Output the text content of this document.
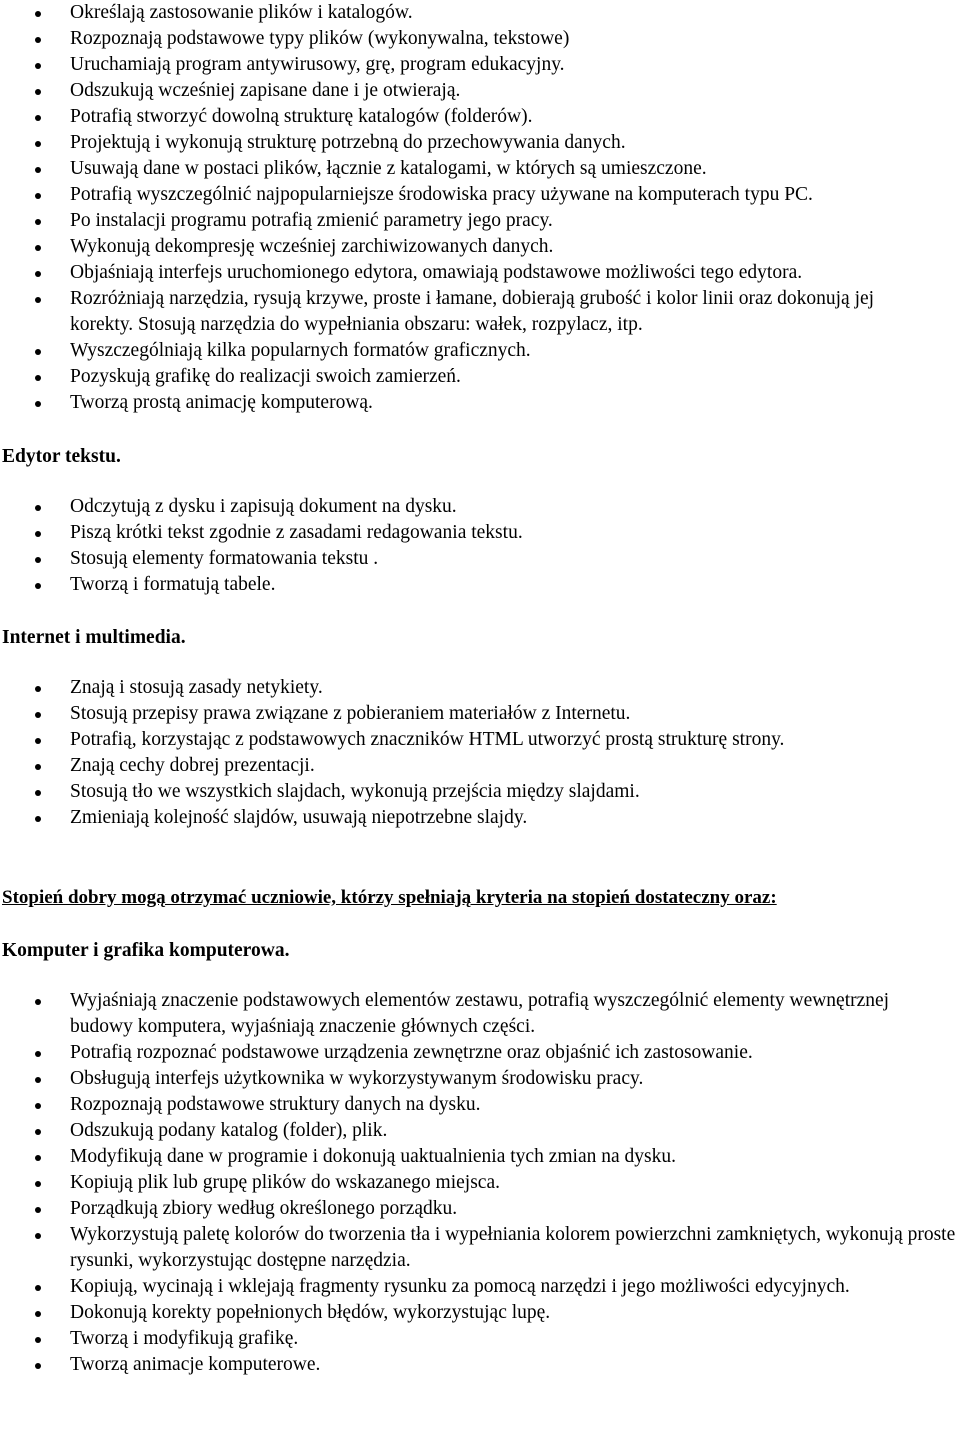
Określają zastosowanie plików i katalogów.
Rozpoznają podstawowe typy plików (wykonywalna, tekstowe)
Uruchamiają program antywirusowy, grę, program edukacyjny.
Odszukują wcześniej zapisane dane i je otwierają.
Potrafią stworzyć dowolną strukturę katalogów (folderów).
Projektują i wykonują strukturę potrzebną do przechowywania danych.
Usuwają dane w postaci plików, łącznie z katalogami, w których są umieszczone.
Potrafią wyszczególnić najpopularniejsze środowiska pracy używane na komputerach typu PC.
Po instalacji programu potrafią zmienić parametry jego pracy.
Wykonują dekompresję wcześniej zarchiwizowanych danych.
Objaśniają interfejs uruchomionego edytora, omawiają podstawowe możliwości tego edytora.
Rozróżniają narzędzia, rysują krzywe, proste i łamane, dobierają grubość i kolor linii oraz dokonują jej korekty. Stosują narzędzia do wypełniania obszaru: wałek, rozpylacz, itp.
Wyszczególniają kilka popularnych formatów graficznych.
Pozyskują grafikę do realizacji swoich zamierzeń.
Tworzą prostą animację komputerową.
Edytor tekstu.
Odczytują z dysku i zapisują dokument na dysku.
Piszą krótki tekst zgodnie z zasadami redagowania tekstu.
Stosują elementy formatowania tekstu .
Tworzą i formatują tabele.
Internet i multimedia.
Znają i stosują zasady netykiety.
Stosują przepisy prawa związane z pobieraniem materiałów z Internetu.
Potrafią, korzystając z podstawowych znaczników HTML utworzyć prostą strukturę strony.
Znają cechy dobrej prezentacji.
Stosują tło we wszystkich slajdach, wykonują przejścia między slajdami.
Zmieniają kolejność slajdów, usuwają niepotrzebne slajdy.
Stopień dobry mogą otrzymać uczniowie, którzy spełniają kryteria na stopień dostateczny oraz:
Komputer i grafika komputerowa.
Wyjaśniają znaczenie podstawowych elementów zestawu, potrafią wyszczególnić elementy wewnętrznej budowy komputera, wyjaśniają znaczenie głównych części.
Potrafią rozpoznać podstawowe urządzenia zewnętrzne oraz objaśnić ich zastosowanie.
Obsługują interfejs użytkownika w wykorzystywanym środowisku pracy.
Rozpoznają podstawowe struktury danych na dysku.
Odszukują podany katalog (folder), plik.
Modyfikują dane w programie i dokonują uaktualnienia tych zmian na dysku.
Kopiują plik lub grupę plików do wskazanego miejsca.
Porządkują zbiory według określonego porządku.
Wykorzystują paletę kolorów do tworzenia tła i wypełniania kolorem powierzchni zamkniętych, wykonują proste rysunki, wykorzystując dostępne narzędzia.
Kopiują, wycinają i wklejają fragmenty rysunku za pomocą narzędzi i jego możliwości edycyjnych.
Dokonują korekty popełnionych błędów, wykorzystując lupę.
Tworzą i modyfikują grafikę.
Tworzą animacje komputerowe.
